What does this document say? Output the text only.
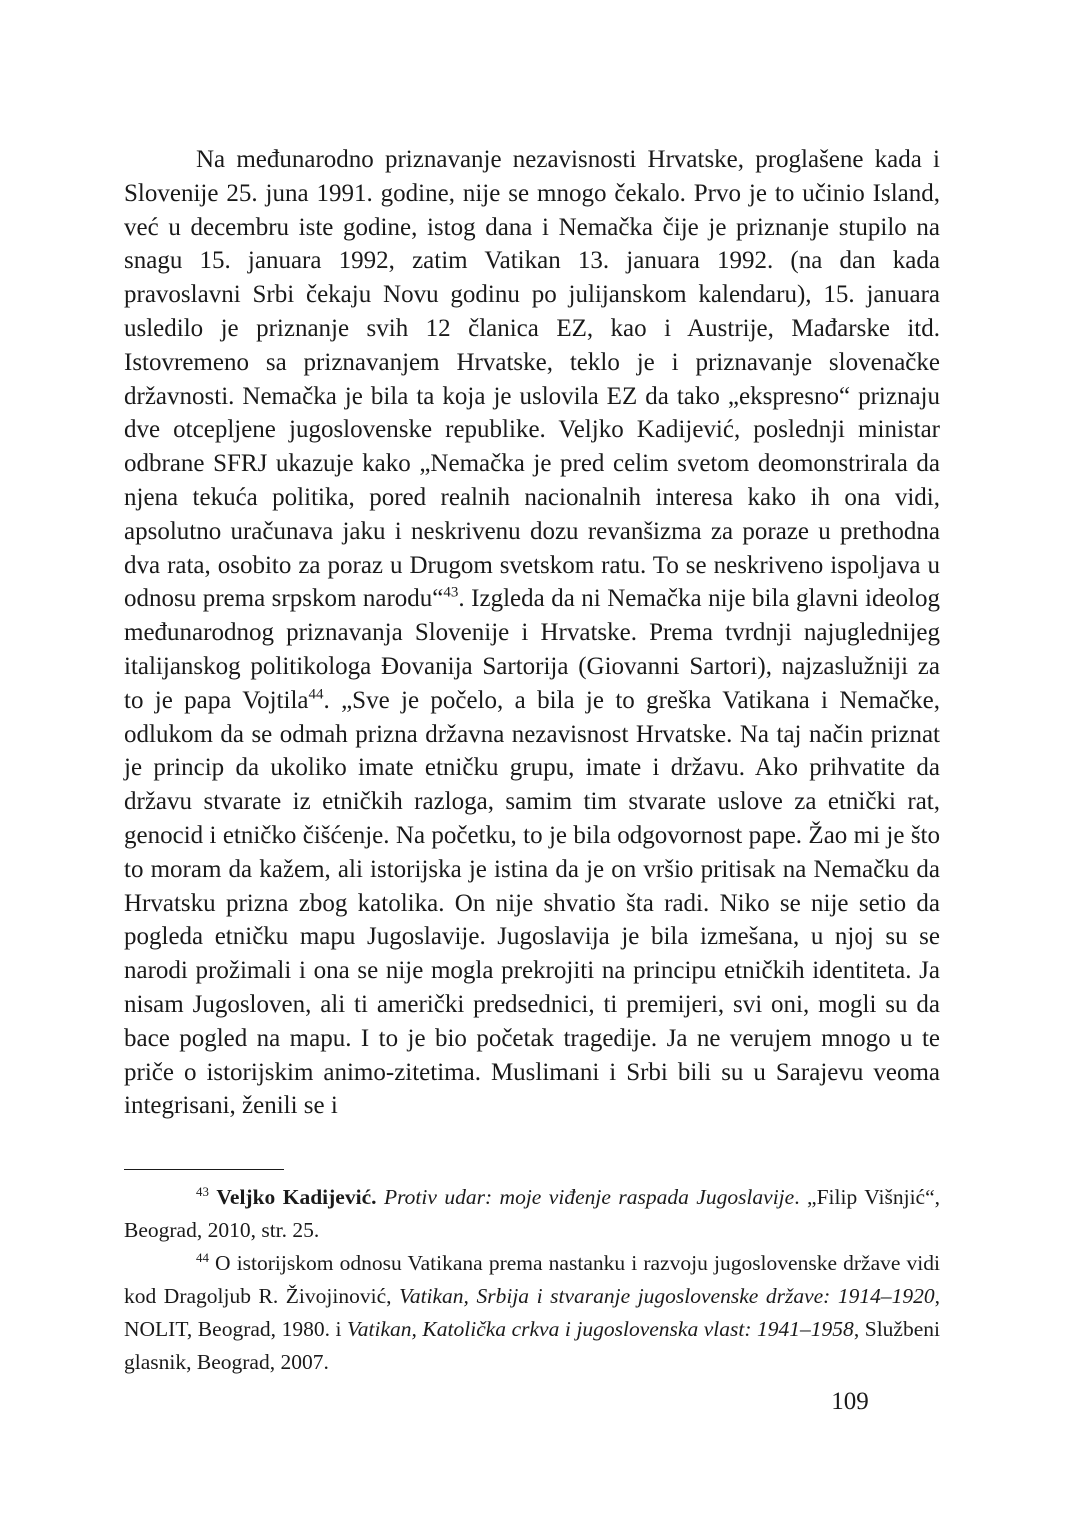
Na međunarodno priznavanje nezavisnosti Hrvatske, proglašene kada i Slovenije 25. juna 1991. godine, nije se mnogo čekalo. Prvo je to učinio Island, već u decembru iste godine, istog dana i Nemačka čije je priznanje stupilo na snagu 15. januara 1992, zatim Vatikan 13. januara 1992. (na dan kada pravoslavni Srbi čekaju Novu godinu po julijanskom kalendaru), 15. januara usledilo je priznanje svih 12 članica EZ, kao i Austrije, Mađarske itd. Istovremeno sa priznavanjem Hrvatske, teklo je i priznavanje slovenačke državnosti. Nemačka je bila ta koja je uslovila EZ da tako „ekspresno“ priznaju dve otcepljene jugoslovenske republike. Veljko Kadijević, poslednji ministar odbrane SFRJ ukazuje kako „Nemačka je pred celim svetom deomonstrirala da njena tekuća politika, pored realnih nacionalnih interesa kako ih ona vidi, apsolutno uračunava jaku i neskrivenu dozu revanšizma za poraze u prethodna dva rata, osobito za poraz u Drugom svetskom ratu. To se neskriveno ispoljava u odnosu prema srpskom narodu“$^{43}$. Izgleda da ni Nemačka nije bila glavni ideolog međunarodnog priznavanja Slovenije i Hrvatske. Prema tvrdnji najuglednijeg italijanskog politikologa Đovanija Sartorija (Giovanni Sartori), najzaslužniji za to je papa Vojtila$^{44}$. „Sve je počelo, a bila je to greška Vatikana i Nemačke, odlukom da se odmah prizna državna nezavisnost Hrvatske. Na taj način priznat je princip da ukoliko imate etničku grupu, imate i državu. Ako prihvatite da državu stvarate iz etničkih razloga, samim tim stvarate uslove za etnički rat, genocid i etničko čišćenje. Na početku, to je bila odgovornost pape. Žao mi je što to moram da kažem, ali istorijska je istina da je on vršio pritisak na Nemačku da Hrvatsku prizna zbog katolika. On nije shvatio šta radi. Niko se nije setio da pogleda etničku mapu Jugoslavije. Jugoslavija je bila izmešana, u njoj su se narodi prožimali i ona se nije mogla prekrojiti na principu etničkih identiteta. Ja nisam Jugosloven, ali ti američki predsednici, ti premijeri, svi oni, mogli su da bace pogled na mapu. I to je bio početak tragedije. Ja ne verujem mnogo u te priče o istorijskim animo-zitetima. Muslimani i Srbi bili su u Sarajevu veoma integrisani, ženili se i

$^{43}$ Veljko Kadijević. Protiv udar: moje viđenje raspada Jugoslavije. „Filip Višnjić“, Beograd, 2010, str. 25.

$^{44}$ O istorijskom odnosu Vatikana prema nastanku i razvoju jugoslovenske države vidi kod Dragoljub R. Živojinović, Vatikan, Srbija i stvaranje jugoslovenske države: 1914–1920, NOLIT, Beograd, 1980. i Vatikan, Katolička crkva i jugoslovenska vlast: 1941–1958, Službeni glasnik, Beograd, 2007.

109
